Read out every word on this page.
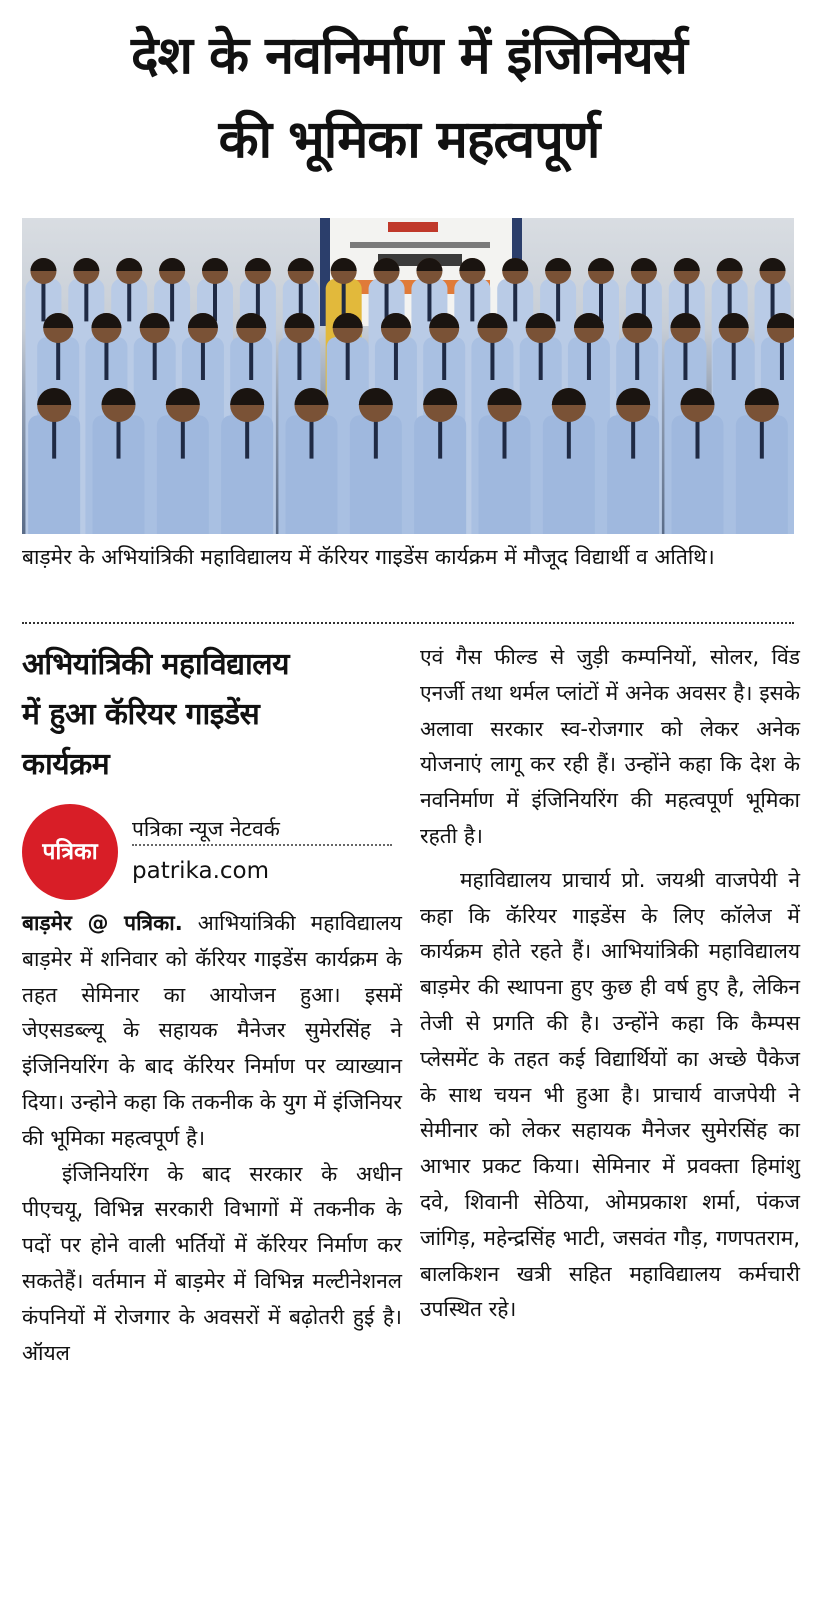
देश के नवनिर्माण में इंजिनियर्स
की भूमिका महत्वपूर्ण
बाड़मेर के अभियांत्रिकी महाविद्यालय में कॅरियर गाइडेंस कार्यक्रम में मौजूद विद्यार्थी व अतिथि।
अभियांत्रिकी महाविद्यालय
में हुआ कॅरियर गाइडेंस
कार्यक्रम
पत्रिका
पत्रिका न्यूज नेटवर्क
patrika.com

बाड़मेर @ पत्रिका. आभियांत्रिकी महाविद्यालय बाड़मेर में शनिवार को कॅरियर गाइडेंस कार्यक्रम के तहत सेमिनार का आयोजन हुआ। इसमें जेएसडब्ल्यू के सहायक मैनेजर सुमेरसिंह ने इंजिनियरिंग के बाद कॅरियर निर्माण पर व्याख्यान दिया। उन्होने कहा कि तकनीक के युग में इंजिनियर की भूमिका महत्वपूर्ण है।

इंजिनियरिंग के बाद सरकार के अधीन पीएचयू, विभिन्न सरकारी विभागों में तकनीक के पदों पर होने वाली भर्तियों में कॅरियर निर्माण कर सकतेहैं। वर्तमान में बाड़मेर में विभिन्न मल्टीनेशनल कंपनियों में रोजगार के अवसरों में बढ़ोतरी हुई है। ऑयल

एवं गैस फील्ड से जुड़ी कम्पनियों, सोलर, विंड एनर्जी तथा थर्मल प्लांटों में अनेक अवसर है। इसके अलावा सरकार स्व-रोजगार को लेकर अनेक योजनाएं लागू कर रही हैं। उन्होंने कहा कि देश के नवनिर्माण में इंजिनियरिंग की महत्वपूर्ण भूमिका रहती है।

महाविद्यालय प्राचार्य प्रो. जयश्री वाजपेयी ने कहा कि कॅरियर गाइडेंस के लिए कॉलेज में कार्यक्रम होते रहते हैं। आभियांत्रिकी महाविद्यालय बाड़मेर की स्थापना हुए कुछ ही वर्ष हुए है, लेकिन तेजी से प्रगति की है। उन्होंने कहा कि कैम्पस प्लेसमेंट के तहत कई विद्यार्थियों का अच्छे पैकेज के साथ चयन भी हुआ है। प्राचार्य वाजपेयी ने सेमीनार को लेकर सहायक मैनेजर सुमेरसिंह का आभार प्रकट किया। सेमिनार में प्रवक्ता हिमांशु दवे, शिवानी सेठिया, ओमप्रकाश शर्मा, पंकज जांगिड़, महेन्द्रसिंह भाटी, जसवंत गौड़, गणपतराम, बालकिशन खत्री सहित महाविद्यालय कर्मचारी उपस्थित रहे।
